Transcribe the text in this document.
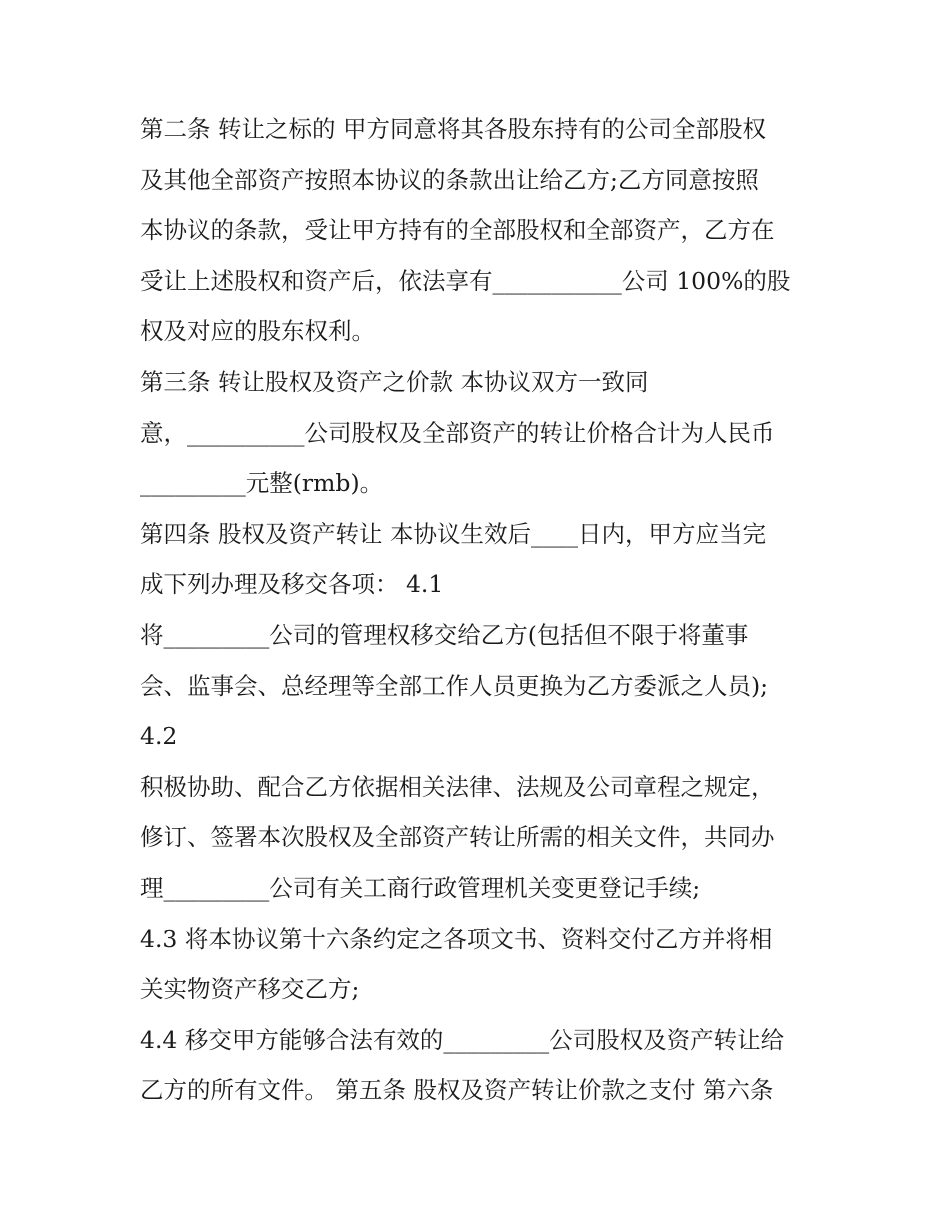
第二条 转让之标的 甲方同意将其各股东持有的公司全部股权
及其他全部资产按照本协议的条款出让给乙方;乙方同意按照
本协议的条款，受让甲方持有的全部股权和全部资产，乙方在
受让上述股权和资产后，依法享有___________公司 100%的股
权及对应的股东权利。
第三条 转让股权及资产之价款 本协议双方一致同
意，__________公司股权及全部资产的转让价格合计为人民币
_________元整(rmb)。
第四条 股权及资产转让 本协议生效后____日内，甲方应当完
成下列办理及移交各项： 4.1
将_________公司的管理权移交给乙方(包括但不限于将董事
会、监事会、总经理等全部工作人员更换为乙方委派之人员);
4.2
积极协助、配合乙方依据相关法律、法规及公司章程之规定，
修订、签署本次股权及全部资产转让所需的相关文件，共同办
理_________公司有关工商行政管理机关变更登记手续;
4.3 将本协议第十六条约定之各项文书、资料交付乙方并将相
关实物资产移交乙方;
4.4 移交甲方能够合法有效的_________公司股权及资产转让给
乙方的所有文件。 第五条 股权及资产转让价款之支付 第六条
